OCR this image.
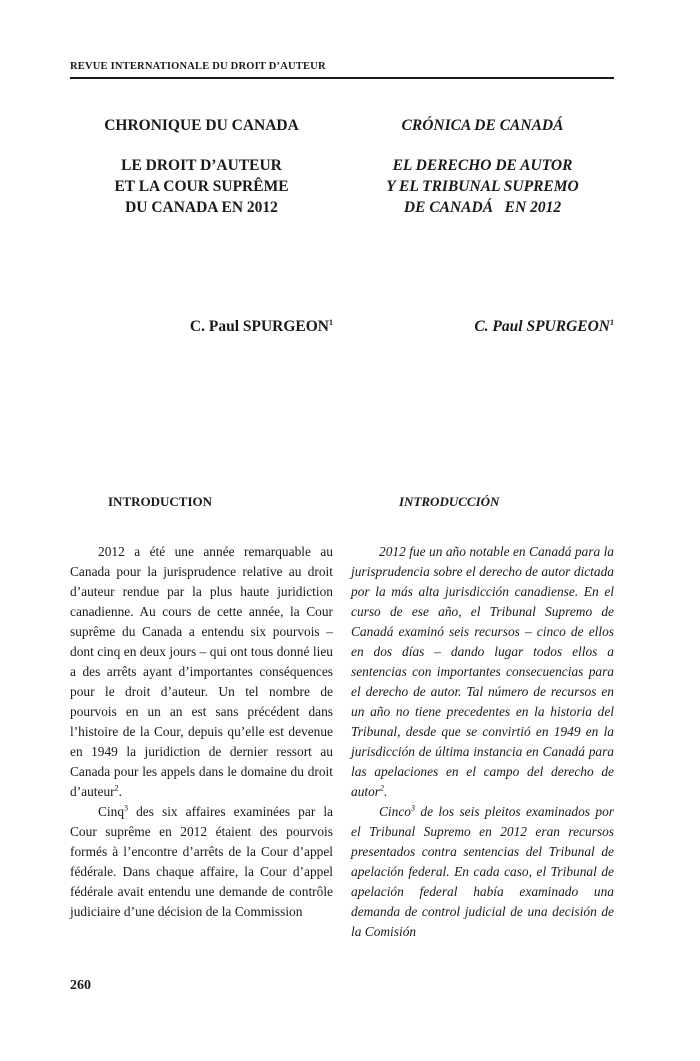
REVUE INTERNATIONALE DU DROIT D’AUTEUR
CHRONIQUE DU CANADA
LE DROIT D’AUTEUR
ET LA COUR SUPRÊME
DU CANADA EN 2012
C. Paul SPURGEON$^1$
INTRODUCTION

2012 a été une année remarquable au Canada pour la jurisprudence relative au droit d’auteur rendue par la plus haute juridiction canadienne. Au cours de cette année, la Cour suprême du Canada a entendu six pourvois – dont cinq en deux jours – qui ont tous donné lieu a des arrêts ayant d’importantes conséquences pour le droit d’auteur. Un tel nombre de pourvois en un an est sans précédent dans l’histoire de la Cour, depuis qu’elle est devenue en 1949 la juridiction de dernier ressort au Canada pour les appels dans le domaine du droit d’auteur$^2$.

Cinq$^3$ des six affaires examinées par la Cour suprême en 2012 étaient des pourvois formés à l’encontre d’arrêts de la Cour d’appel fédérale. Dans chaque affaire, la Cour d’appel fédérale avait entendu une demande de contrôle judiciaire d’une décision de la Commission

CRÓNICA DE CANADÁ
EL DERECHO DE AUTOR
Y EL TRIBUNAL SUPREMO
DE CANADÁ   EN 2012
C. Paul SPURGEON$^1$
INTRODUCCIÓN

2012 fue un año notable en Canadá para la jurisprudencia sobre el derecho de autor dictada por la más alta jurisdicción canadiense. En el curso de ese año, el Tribunal Supremo de Canadá examinó seis recursos – cinco de ellos en dos días – dando lugar todos ellos a sentencias con importantes consecuencias para el derecho de autor. Tal número de recursos en un año no tiene precedentes en la historia del Tribunal, desde que se convirtió en 1949 en la jurisdicción de última instancia en Canadá para las apelaciones en el campo del derecho de autor$^2$.

Cinco$^3$ de los seis pleitos examinados por el Tribunal Supremo en 2012 eran recursos presentados contra sentencias del Tribunal de apelación federal. En cada caso, el Tribunal de apelación federal había examinado una demanda de control judicial de una decisión de la Comisión

260
